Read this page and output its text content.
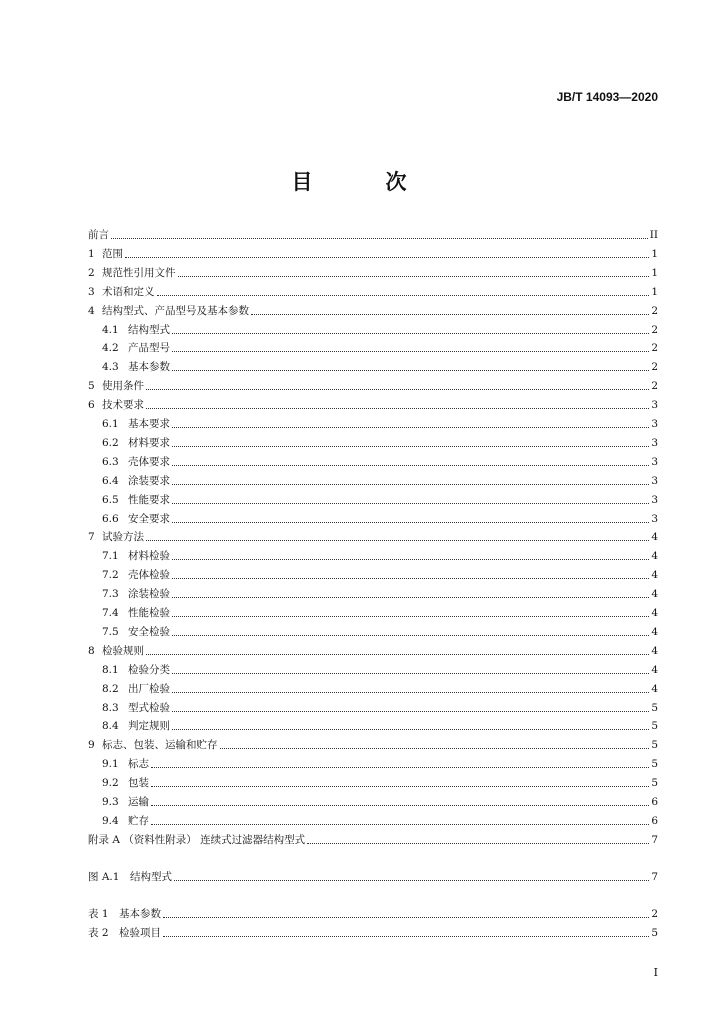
JB/T 14093—2020
目　次
前言	II
1 范围	1
2 规范性引用文件	1
3 术语和定义	1
4 结构型式、产品型号及基本参数	2
4.1 结构型式	2
4.2 产品型号	2
4.3 基本参数	2
5 使用条件	2
6 技术要求	3
6.1 基本要求	3
6.2 材料要求	3
6.3 壳体要求	3
6.4 涂装要求	3
6.5 性能要求	3
6.6 安全要求	3
7 试验方法	4
7.1 材料检验	4
7.2 壳体检验	4
7.3 涂装检验	4
7.4 性能检验	4
7.5 安全检验	4
8 检验规则	4
8.1 检验分类	4
8.2 出厂检验	4
8.3 型式检验	5
8.4 判定规则	5
9 标志、包装、运输和贮存	5
9.1 标志	5
9.2 包装	5
9.3 运输	6
9.4 贮存	6
附录 A （资料性附录） 连续式过滤器结构型式	7
图 A.1　结构型式	7
表 1　基本参数	2
表 2　检验项目	5
I
